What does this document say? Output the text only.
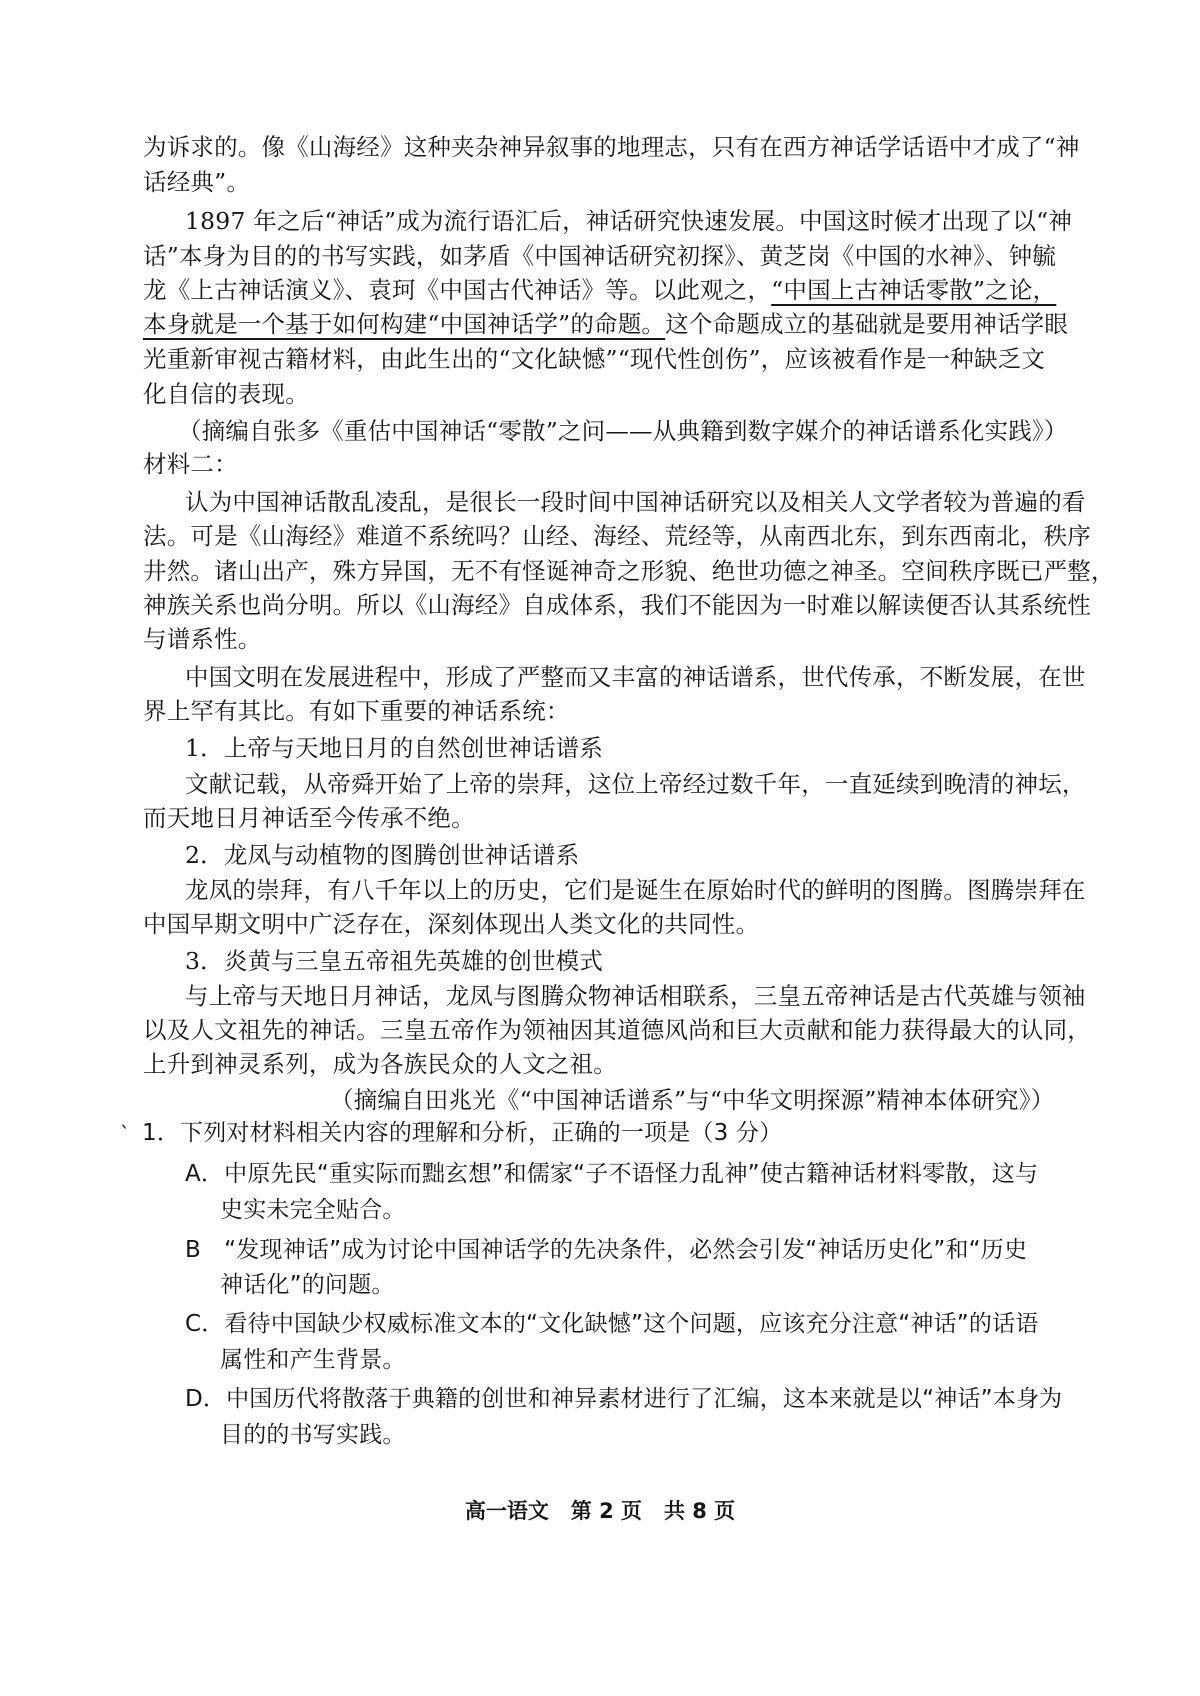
为诉求的。像《山海经》这种夹杂神异叙事的地理志，只有在西方神话学话语中才成了“神

话经典”。

1897 年之后“神话”成为流行语汇后，神话研究快速发展。中国这时候才出现了以“神

话”本身为目的的书写实践，如茅盾《中国神话研究初探》、黄芝岗《中国的水神》、钟毓

龙《上古神话演义》、袁珂《中国古代神话》等。以此观之，“中国上古神话零散”之论，

本身就是一个基于如何构建“中国神话学”的命题。这个命题成立的基础就是要用神话学眼

光重新审视古籍材料，由此生出的“文化缺憾”“现代性创伤”，应该被看作是一种缺乏文

化自信的表现。

（摘编自张多《重估中国神话“零散”之问——从典籍到数字媒介的神话谱系化实践》）

材料二：

认为中国神话散乱凌乱，是很长一段时间中国神话研究以及相关人文学者较为普遍的看

法。可是《山海经》难道不系统吗？山经、海经、荒经等，从南西北东，到东西南北，秩序

井然。诸山出产，殊方异国，无不有怪诞神奇之形貌、绝世功德之神圣。空间秩序既已严整，

神族关系也尚分明。所以《山海经》自成体系，我们不能因为一时难以解读便否认其系统性

与谱系性。

中国文明在发展进程中，形成了严整而又丰富的神话谱系，世代传承，不断发展，在世

界上罕有其比。有如下重要的神话系统：

1．上帝与天地日月的自然创世神话谱系

文献记载，从帝舜开始了上帝的崇拜，这位上帝经过数千年，一直延续到晚清的神坛，

而天地日月神话至今传承不绝。

2．龙凤与动植物的图腾创世神话谱系

龙凤的崇拜，有八千年以上的历史，它们是诞生在原始时代的鲜明的图腾。图腾崇拜在

中国早期文明中广泛存在，深刻体现出人类文化的共同性。

3．炎黄与三皇五帝祖先英雄的创世模式

与上帝与天地日月神话，龙凤与图腾众物神话相联系，三皇五帝神话是古代英雄与领袖

以及人文祖先的神话。三皇五帝作为领袖因其道德风尚和巨大贡献和能力获得最大的认同，

上升到神灵系列，成为各族民众的人文之祖。

（摘编自田兆光《“中国神话谱系”与“中华文明探源”精神本体研究》）

ˋ 1．下列对材料相关内容的理解和分析，正确的一项是（3 分）

A．中原先民“重实际而黜玄想”和儒家“子不语怪力乱神”使古籍神话材料零散，这与

史实未完全贴合。

B　“发现神话”成为讨论中国神话学的先决条件，必然会引发“神话历史化”和“历史

神话化”的问题。

C．看待中国缺少权威标准文本的“文化缺憾”这个问题，应该充分注意“神话”的话语

属性和产生背景。

D．中国历代将散落于典籍的创世和神异素材进行了汇编，这本来就是以“神话”本身为

目的的书写实践。

高一语文 第 2 页 共 8 页
